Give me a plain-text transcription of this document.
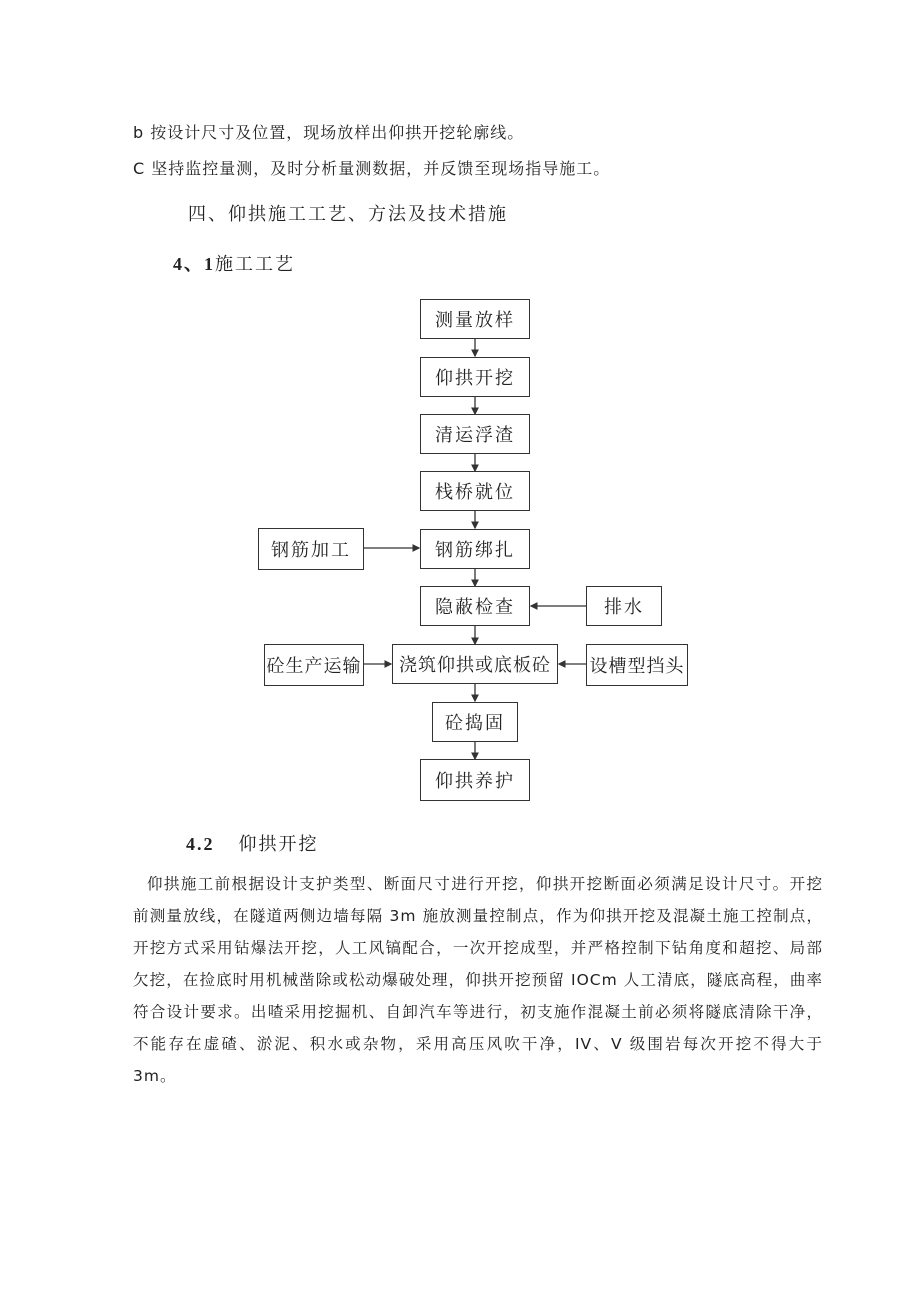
b 按设计尺寸及位置，现场放样出仰拱开挖轮廓线。
C 坚持监控量测，及时分析量测数据，并反馈至现场指导施工。
四、仰拱施工工艺、方法及技术措施
4、1施工工艺
测量放样
仰拱开挖
清运浮渣
栈桥就位
钢筋绑扎
隐蔽检查
浇筑仰拱或底板砼
砼捣固
仰拱养护
钢筋加工
排水
砼生产运输	设槽型挡头
4.2 仰拱开挖
仰拱施工前根据设计支护类型、断面尺寸进行开挖，仰拱开挖断面必须满足设计尺寸。开挖前测量放线，在隧道两侧边墙每隔 3m 施放测量控制点，作为仰拱开挖及混凝土施工控制点，开挖方式采用钻爆法开挖，人工风镐配合，一次开挖成型，并严格控制下钻角度和超挖、局部欠挖，在捡底时用机械凿除或松动爆破处理，仰拱开挖预留 IOCm 人工清底，隧底高程，曲率符合设计要求。出喳采用挖掘机、自卸汽车等进行，初支施作混凝土前必须将隧底清除干净，不能存在虚碴、淤泥、积水或杂物，采用高压风吹干净，IV、V 级围岩每次开挖不得大于 3m。
